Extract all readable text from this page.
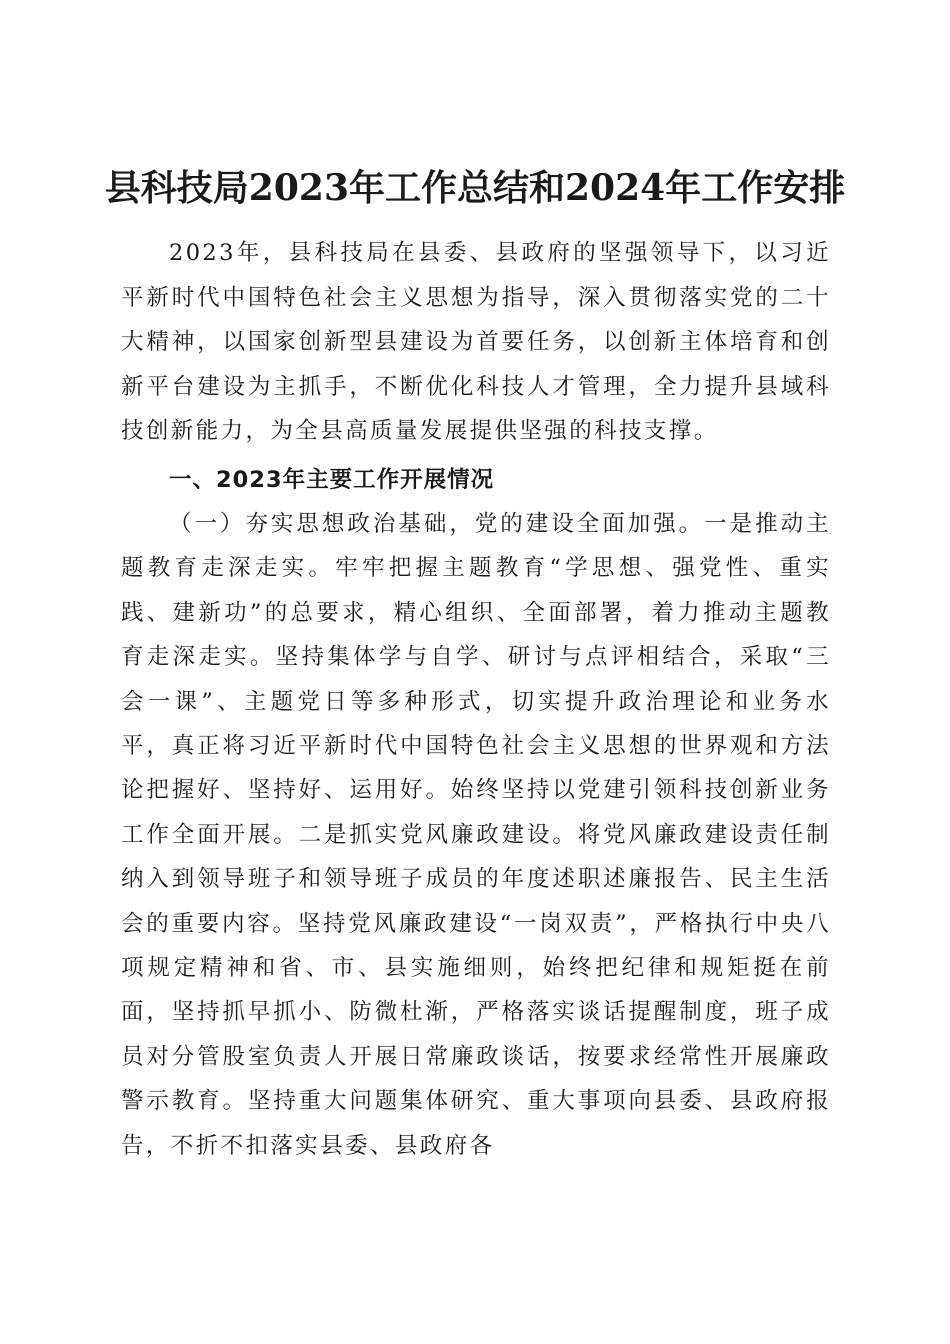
县科技局2023年工作总结和2024年工作安排

2023年，县科技局在县委、县政府的坚强领导下，以习近平新时代中国特色社会主义思想为指导，深入贯彻落实党的二十大精神，以国家创新型县建设为首要任务，以创新主体培育和创新平台建设为主抓手，不断优化科技人才管理，全力提升县域科技创新能力，为全县高质量发展提供坚强的科技支撑。

一、2023年主要工作开展情况

（一）夯实思想政治基础，党的建设全面加强。一是推动主题教育走深走实。牢牢把握主题教育“学思想、强党性、重实践、建新功”的总要求，精心组织、全面部署，着力推动主题教育走深走实。坚持集体学与自学、研讨与点评相结合，采取“三会一课”、主题党日等多种形式，切实提升政治理论和业务水平，真正将习近平新时代中国特色社会主义思想的世界观和方法论把握好、坚持好、运用好。始终坚持以党建引领科技创新业务工作全面开展。二是抓实党风廉政建设。将党风廉政建设责任制纳入到领导班子和领导班子成员的年度述职述廉报告、民主生活会的重要内容。坚持党风廉政建设“一岗双责”，严格执行中央八项规定精神和省、市、县实施细则，始终把纪律和规矩挺在前面，坚持抓早抓小、防微杜渐，严格落实谈话提醒制度，班子成员对分管股室负责人开展日常廉政谈话，按要求经常性开展廉政警示教育。坚持重大问题集体研究、重大事项向县委、县政府报告，不折不扣落实县委、县政府各
